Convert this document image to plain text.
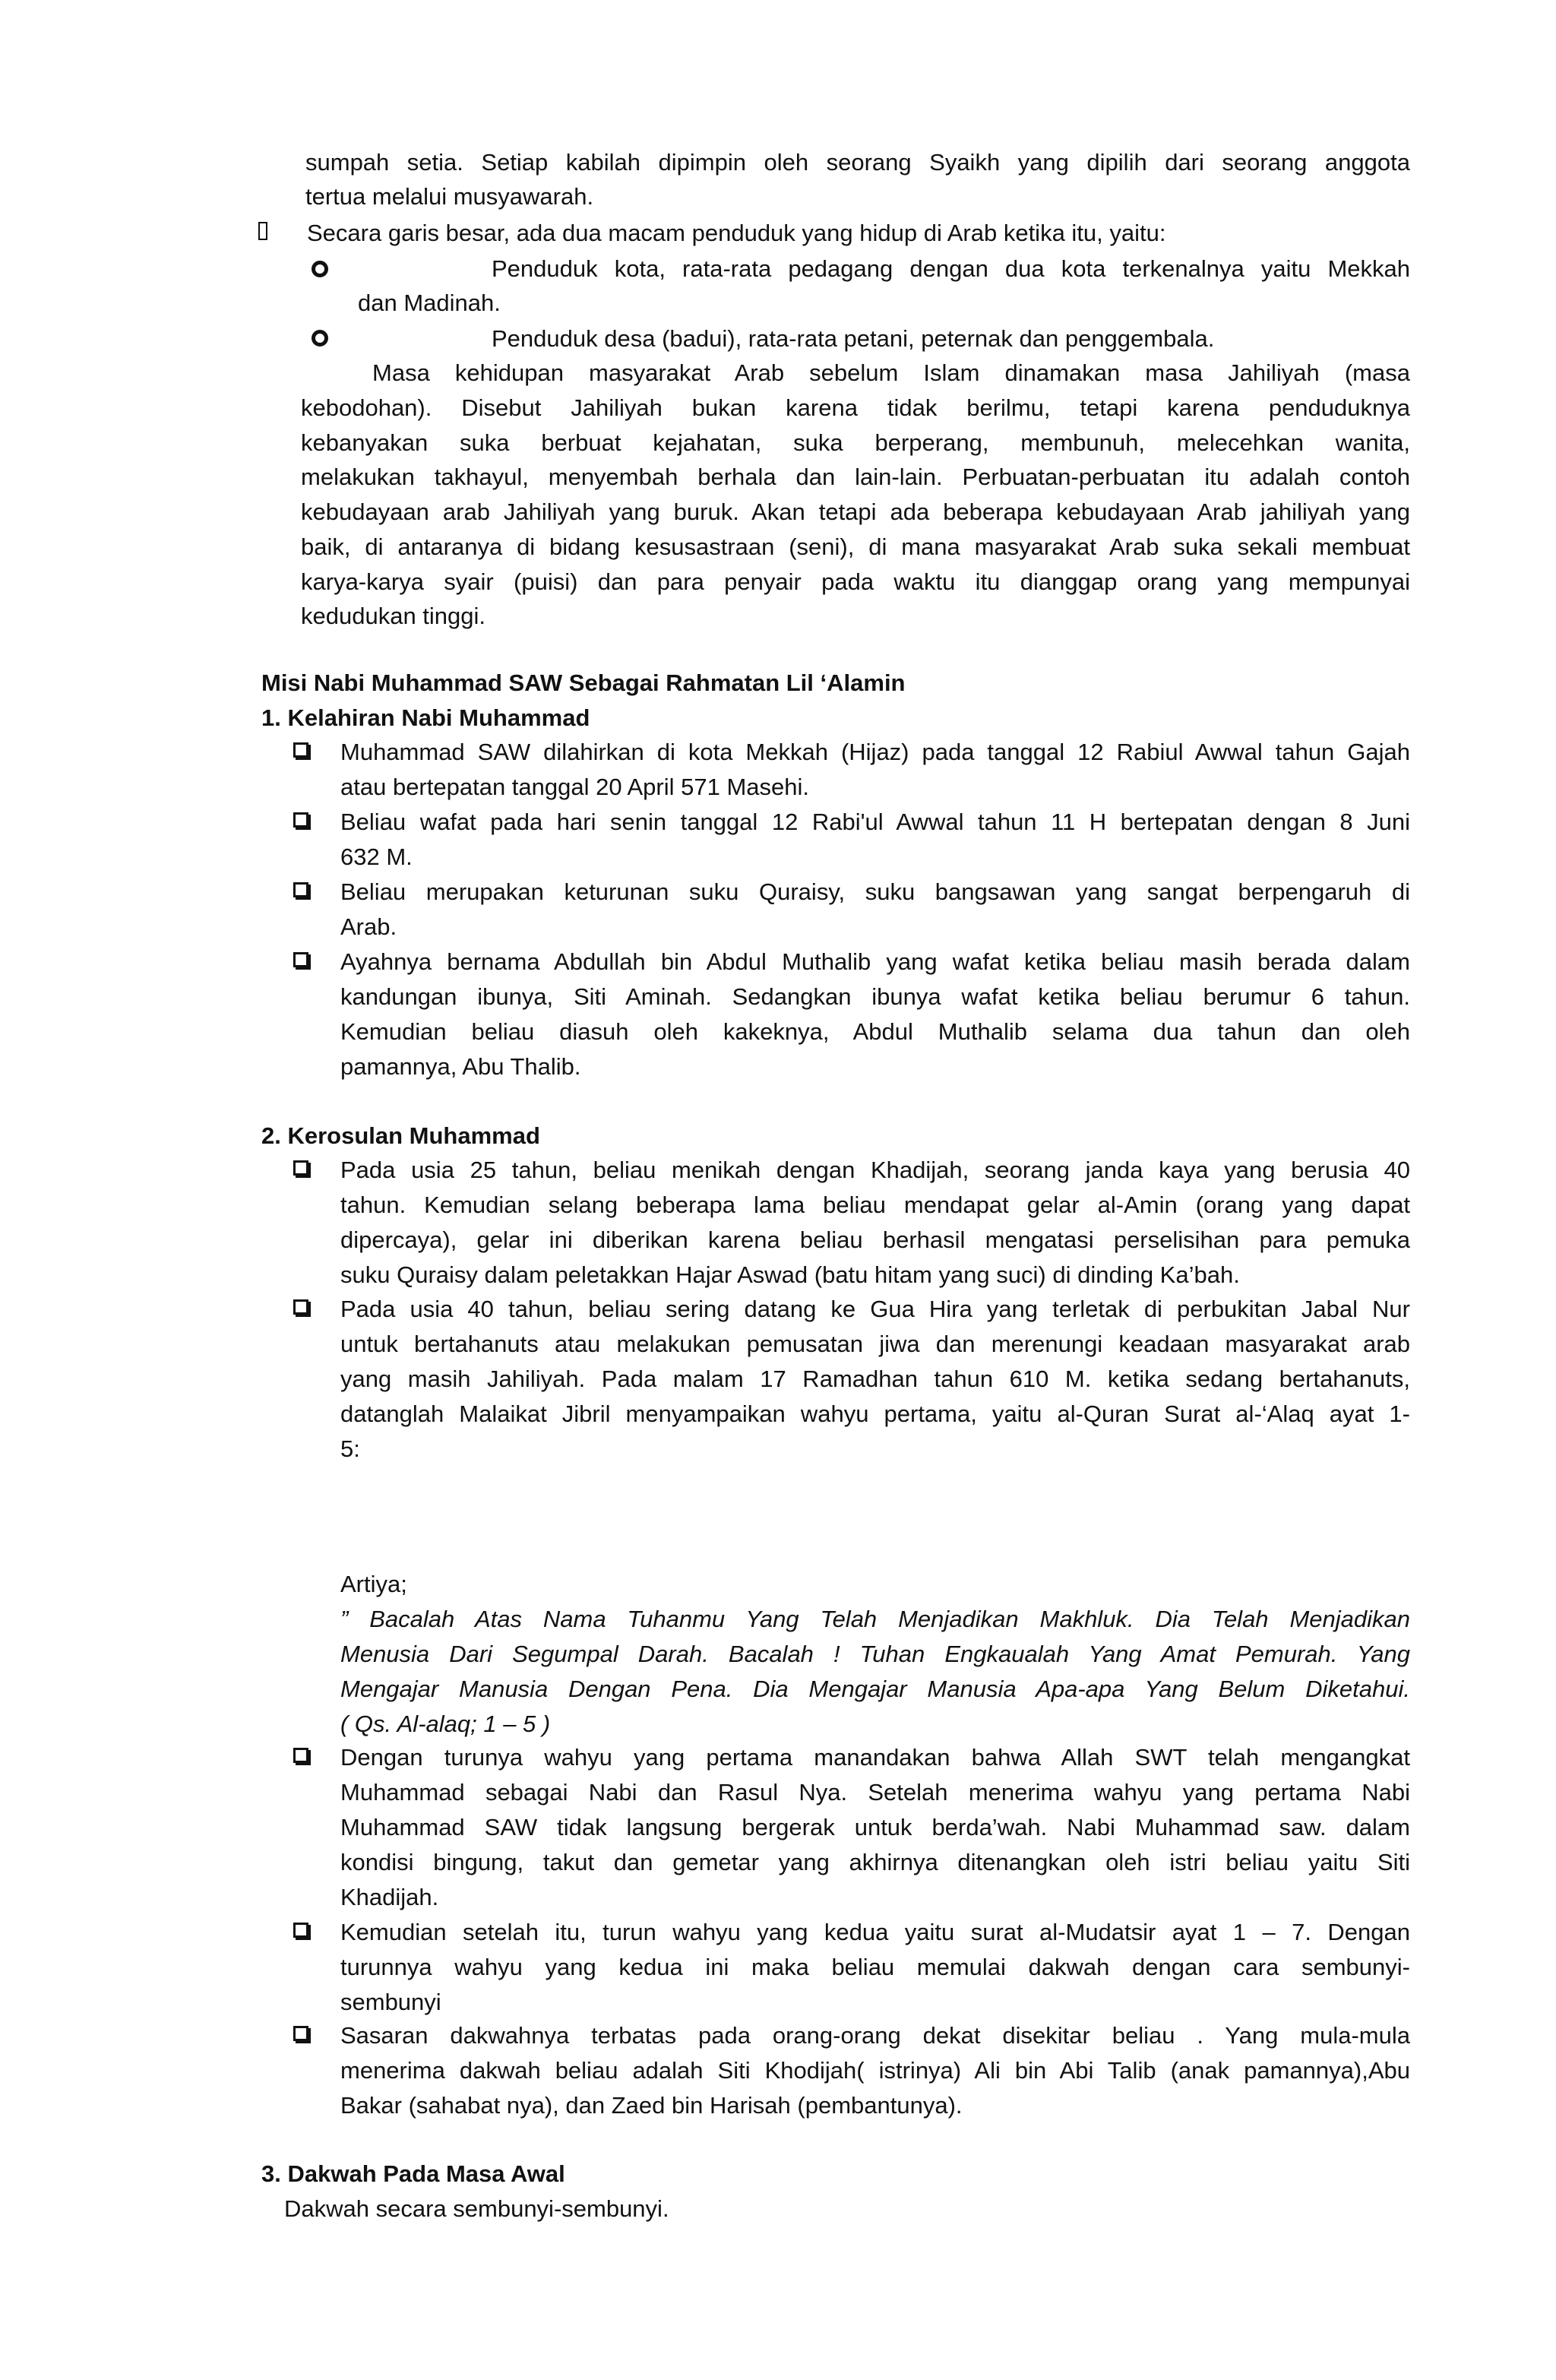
sumpah setia. Setiap kabilah dipimpin oleh seorang Syaikh yang dipilih dari seorang anggota
tertua melalui musyawarah.
Secara garis besar, ada dua macam penduduk yang hidup di Arab ketika itu, yaitu:
Penduduk kota, rata-rata pedagang dengan dua kota terkenalnya yaitu Mekkah
dan Madinah.
Penduduk desa (badui), rata-rata petani, peternak dan penggembala.
Masa kehidupan masyarakat Arab sebelum Islam dinamakan masa Jahiliyah (masa
kebodohan). Disebut Jahiliyah bukan karena tidak berilmu, tetapi karena penduduknya
kebanyakan suka berbuat kejahatan, suka berperang, membunuh, melecehkan wanita,
melakukan takhayul, menyembah berhala dan lain-lain. Perbuatan-perbuatan itu adalah contoh
kebudayaan arab Jahiliyah yang buruk. Akan tetapi ada beberapa kebudayaan Arab jahiliyah yang
baik, di antaranya di bidang kesusastraan (seni), di mana masyarakat Arab suka sekali membuat
karya-karya syair (puisi) dan para penyair pada waktu itu dianggap orang yang mempunyai
kedudukan tinggi.
Misi Nabi Muhammad SAW Sebagai Rahmatan Lil ‘Alamin
1. Kelahiran Nabi Muhammad
Muhammad SAW dilahirkan di kota Mekkah (Hijaz) pada tanggal 12 Rabiul Awwal tahun Gajah
atau bertepatan tanggal 20 April 571 Masehi.
Beliau wafat pada hari senin tanggal 12 Rabi'ul Awwal tahun 11 H bertepatan dengan 8 Juni
632 M.
Beliau merupakan keturunan suku Quraisy, suku bangsawan yang sangat berpengaruh di
Arab.
Ayahnya bernama Abdullah bin Abdul Muthalib yang wafat ketika beliau masih berada dalam
kandungan ibunya, Siti Aminah. Sedangkan ibunya wafat ketika beliau berumur 6 tahun.
Kemudian beliau diasuh oleh kakeknya, Abdul Muthalib selama dua tahun dan oleh
pamannya, Abu Thalib.
2. Kerosulan Muhammad
Pada usia 25 tahun, beliau menikah dengan Khadijah, seorang janda kaya yang berusia 40
tahun. Kemudian selang beberapa lama beliau mendapat gelar al-Amin (orang yang dapat
dipercaya), gelar ini diberikan karena beliau berhasil mengatasi perselisihan para pemuka
suku Quraisy dalam peletakkan Hajar Aswad (batu hitam yang suci) di dinding Ka’bah.
Pada usia 40 tahun, beliau sering datang ke Gua Hira yang terletak di perbukitan Jabal Nur
untuk bertahanuts atau melakukan pemusatan jiwa dan merenungi keadaan masyarakat arab
yang masih Jahiliyah. Pada malam 17 Ramadhan tahun 610 M. ketika sedang bertahanuts,
datanglah Malaikat Jibril menyampaikan wahyu pertama, yaitu al-Quran Surat al-‘Alaq ayat 1-
5:
Artiya;
” Bacalah Atas Nama Tuhanmu Yang Telah Menjadikan Makhluk. Dia Telah Menjadikan
Menusia Dari Segumpal Darah. Bacalah ! Tuhan Engkaualah Yang Amat Pemurah. Yang
Mengajar Manusia Dengan Pena. Dia Mengajar Manusia Apa-apa Yang Belum Diketahui.
( Qs. Al-alaq; 1 – 5 )
Dengan turunya wahyu yang pertama manandakan bahwa Allah SWT telah mengangkat
Muhammad sebagai Nabi dan Rasul Nya. Setelah menerima wahyu yang pertama Nabi
Muhammad SAW tidak langsung bergerak untuk berda’wah. Nabi Muhammad saw. dalam
kondisi bingung, takut dan gemetar yang akhirnya ditenangkan oleh istri beliau yaitu Siti
Khadijah.
Kemudian setelah itu, turun wahyu yang kedua yaitu surat al-Mudatsir ayat 1 – 7. Dengan
turunnya wahyu yang kedua ini maka beliau memulai dakwah dengan cara sembunyi-
sembunyi
Sasaran dakwahnya terbatas pada orang-orang dekat disekitar beliau . Yang mula-mula
menerima dakwah beliau adalah Siti Khodijah( istrinya) Ali bin Abi Talib (anak pamannya),Abu
Bakar (sahabat nya), dan Zaed bin Harisah (pembantunya).
3. Dakwah Pada Masa Awal
Dakwah secara sembunyi-sembunyi.
